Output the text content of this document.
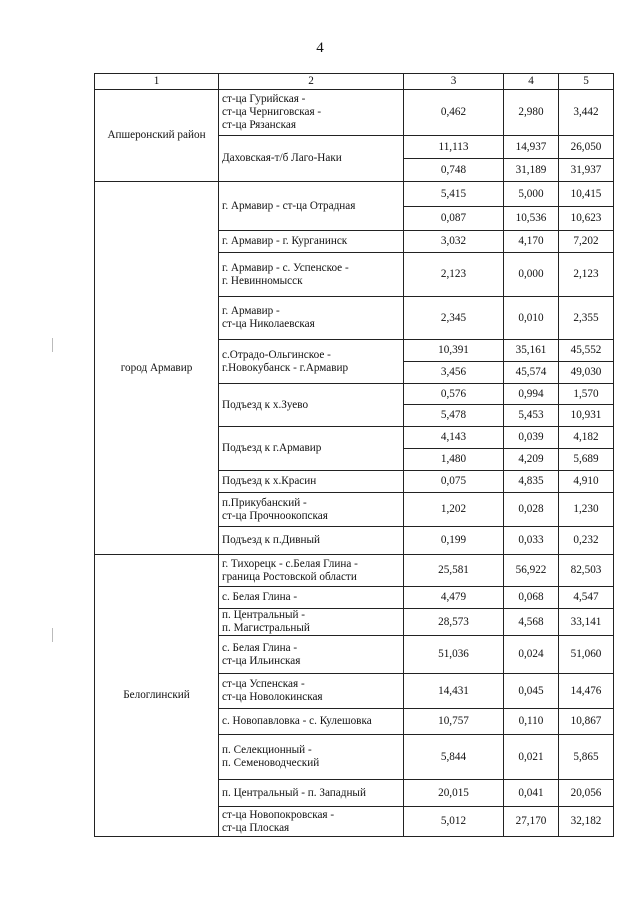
4
1	2	3	4	5
Апшеронский район	ст-ца Гурийская -
ст-ца Черниговская -
ст-ца Рязанская	0,462	2,980	3,442

	Даховская-т/б Лаго-Наки	11,113	14,937	26,050
		0,748	31,189	31,937
город Армавир	г. Армавир - ст-ца Отрадная	5,415	5,000	10,415
		0,087	10,536	10,623

	г. Армавир - г. Курганинск	3,032	4,170	7,202

	г. Армавир - с. Успенское -
г. Невинномысск	2,123	0,000	2,123

	г. Армавир -
ст-ца Николаевская	2,345	0,010	2,355

	с.Отрадо-Ольгинское -
г.Новокубанск - г.Армавир	10,391	35,161	45,552
		3,456	45,574	49,030

	Подъезд к х.Зуево	0,576	0,994	1,570
		5,478	5,453	10,931

	Подъезд к г.Армавир	4,143	0,039	4,182
		1,480	4,209	5,689

	Подъезд к х.Красин	0,075	4,835	4,910

	п.Прикубанский -
ст-ца Прочноокопская	1,202	0,028	1,230

	Подъезд к п.Дивный	0,199	0,033	0,232
Белоглинский	г. Тихорецк - с.Белая Глина -
граница Ростовской области	25,581	56,922	82,503

	с. Белая Глина -	4,479	0,068	4,547

	п. Центральный -
п. Магистральный	28,573	4,568	33,141

	с. Белая Глина -
ст-ца Ильинская	51,036	0,024	51,060

	ст-ца Успенская -
ст-ца Новолокинская	14,431	0,045	14,476

	с. Новопавловка - с. Кулешовка	10,757	0,110	10,867

	п. Селекционный -
п. Семеноводческий	5,844	0,021	5,865

	п. Центральный - п. Западный	20,015	0,041	20,056

	ст-ца Новопокровская -
ст-ца Плоская	5,012	27,170	32,182
